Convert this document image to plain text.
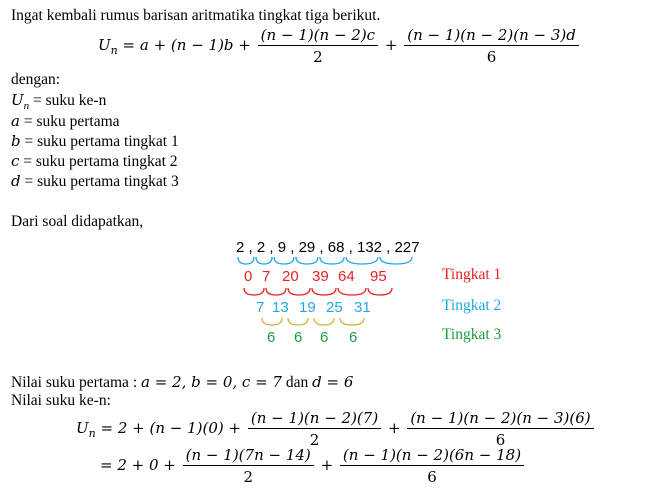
Ingat kembali rumus barisan aritmatika tingkat tiga berikut.
$U_n = a + (n - 1)b + \frac{(n - 1)(n - 2)c}{2} + \frac{(n - 1)(n - 2)(n - 3)d}{6}$
dengan:
$U_n$ = suku ke-n
a = suku pertama
b = suku pertama tingkat 1
c = suku pertama tingkat 2
d = suku pertama tingkat 3
Dari soal didapatkan,
2 , 2 , 9 , 29 , 68 , 132 , 227
0 7 20 39 64 95	Tingkat 1
7 13 19 25 31	Tingkat 2
6 6 6 6	Tingkat 3
Nilai suku pertama : a = 2, b = 0, c = 7 dan d = 6
Nilai suku ke-n:
$U_n = 2 + (n - 1)(0) + \frac{(n - 1)(n - 2)(7)}{2} + \frac{(n - 1)(n - 2)(n - 3)(6)}{6}$
= $2 + 0 + \frac{(n - 1)(7n - 14)}{2} + \frac{(n - 1)(n - 2)(6n - 18)}{6}$
